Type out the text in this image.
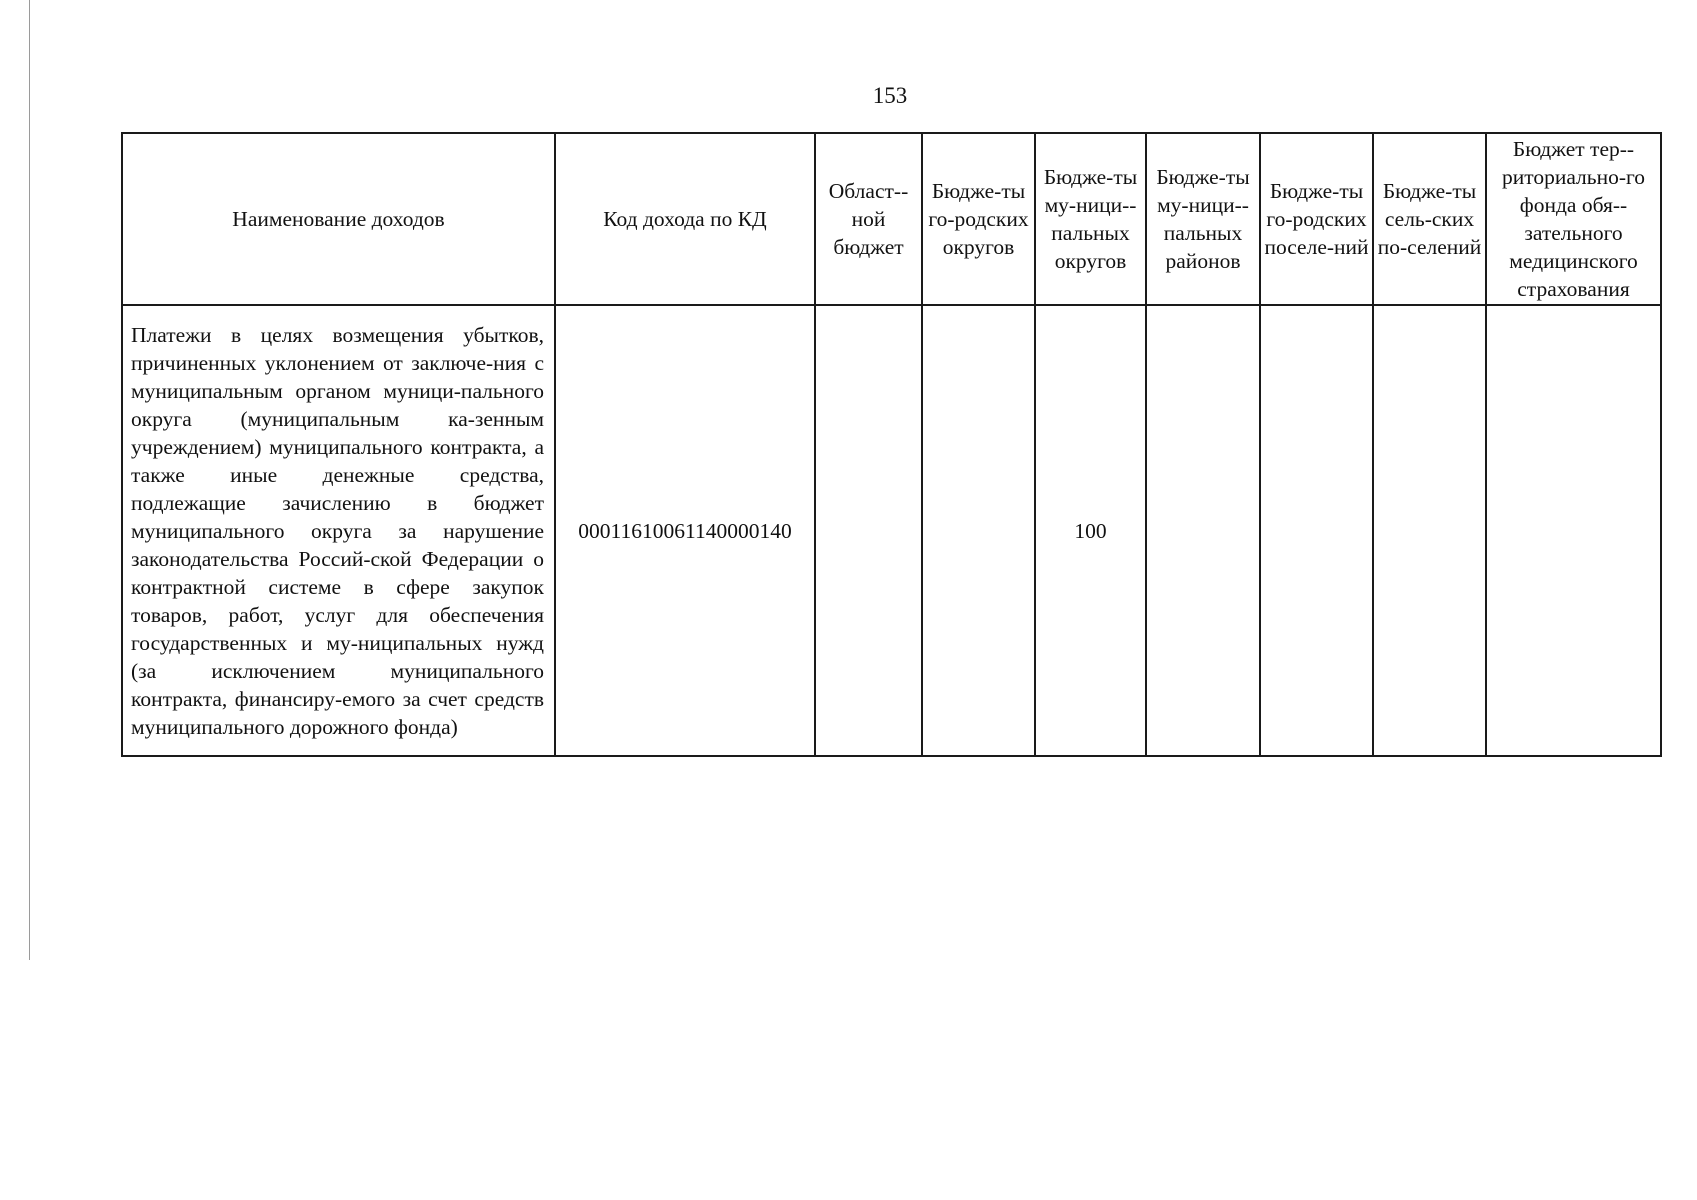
153
Наименование доходов	Код дохода по КД	Област-ной бюджет	Бюдже-ты го-родских округов	Бюдже-ты му-ници-пальных округов	Бюдже-ты му-ници-пальных районов	Бюдже-ты го-родских поселе-ний	Бюдже-ты сель-ских по-селений	Бюджет тер-риториально-го фонда обя-зательного медицинского страхования
Платежи в целях возмещения убытков, причиненных уклонением от заключе-ния с муниципальным органом муници-пального округа (муниципальным ка-зенным учреждением) муниципального контракта, а также иные денежные средства, подлежащие зачислению в бюджет муниципального округа за нарушение законодательства Россий-ской Федерации о контрактной системе в сфере закупок товаров, работ, услуг для обеспечения государственных и му-ниципальных нужд (за исключением муниципального контракта, финансиру-емого за счет средств муниципального дорожного фонда)	00011610061140000140			100				
